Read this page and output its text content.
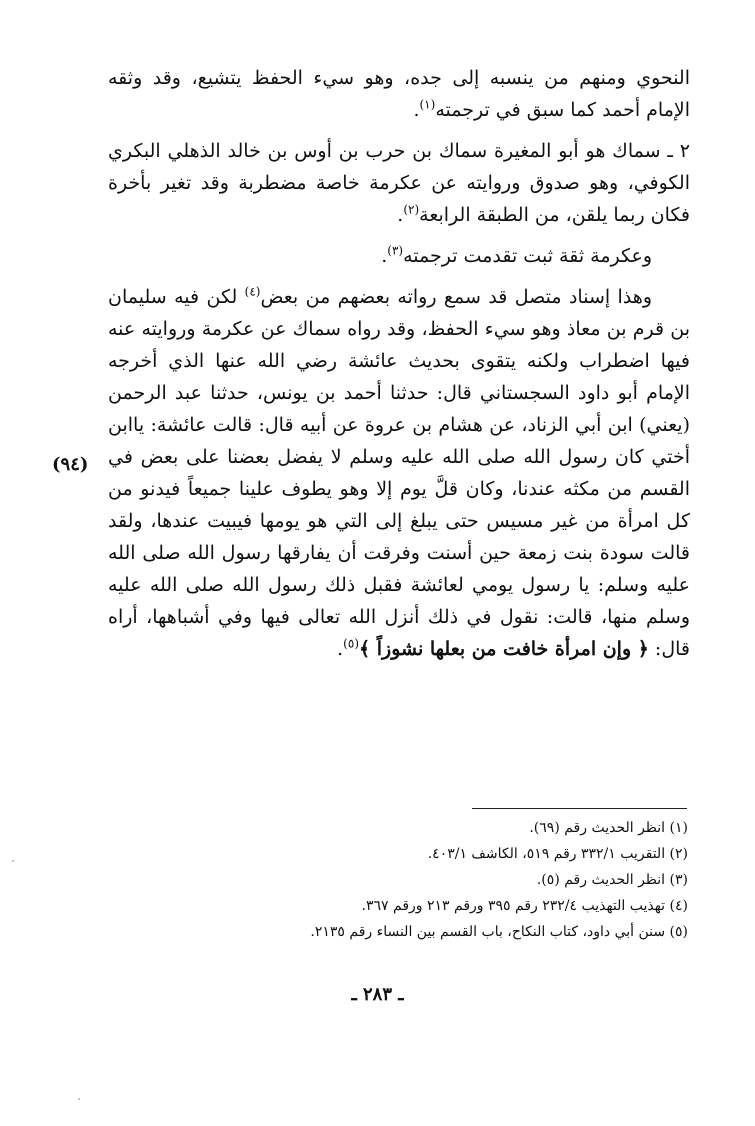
النحوي ومنهم من ينسبه إلى جده، وهو سيء الحفظ يتشيع، وقد وثقه الإمام أحمد كما سبق في ترجمته$^{(١)}$.

٢ ـ سماك هو أبو المغيرة سماك بن حرب بن أوس بن خالد الذهلي البكري الكوفي، وهو صدوق وروايته عن عكرمة خاصة مضطربة وقد تغير بأخرة فكان ربما يلقن، من الطبقة الرابعة$^{(٢)}$.

وعكرمة ثقة ثبت تقدمت ترجمته$^{(٣)}$.

وهذا إسناد متصل قد سمع رواته بعضهم من بعض$^{(٤)}$ لكن فيه سليمان بن قرم بن معاذ وهو سيء الحفظ، وقد رواه سماك عن عكرمة وروايته عنه فيها اضطراب ولكنه يتقوى بحديث عائشة رضي الله عنها الذي أخرجه الإمام أبو داود السجستاني قال: حدثنا أحمد بن يونس، حدثنا عبد الرحمن (يعني) ابن أبي الزناد، عن هشام بن عروة عن أبيه قال: قالت عائشة: ياابن أختي كان رسول الله صلى الله عليه وسلم لا يفضل بعضنا على بعض في القسم من مكثه عندنا، وكان قلَّ يوم إلا وهو يطوف علينا جميعاً فيدنو من كل امرأة من غير مسيس حتى يبلغ إلى التي هو يومها فيبيت عندها، ولقد قالت سودة بنت زمعة حين أسنت وفرقت أن يفارقها رسول الله صلى الله عليه وسلم: يا رسول يومي لعائشة فقبل ذلك رسول الله صلى الله عليه وسلم منها، قالت: نقول في ذلك أنزل الله تعالى فيها وفي أشباهها، أراه قال: ﴿ وإن امرأة خافت من بعلها نشوزاً ﴾$^{(٥)}$.

(٩٤)

(١) انظر الحديث رقم (٦٩).

(٢) التقريب ٣٣٢/١ رقم ٥١٩، الكاشف ٤٠٣/١.

(٣) انظر الحديث رقم (٥).

(٤) تهذيب التهذيب ٢٣٢/٤ رقم ٣٩٥ ورقم ٢١٣ ورقم ٣٦٧.

(٥) سنن أبي داود، كتاب النكاح، باب القسم بين النساء رقم ٢١٣٥.

ـ ٢٨٣ ـ
